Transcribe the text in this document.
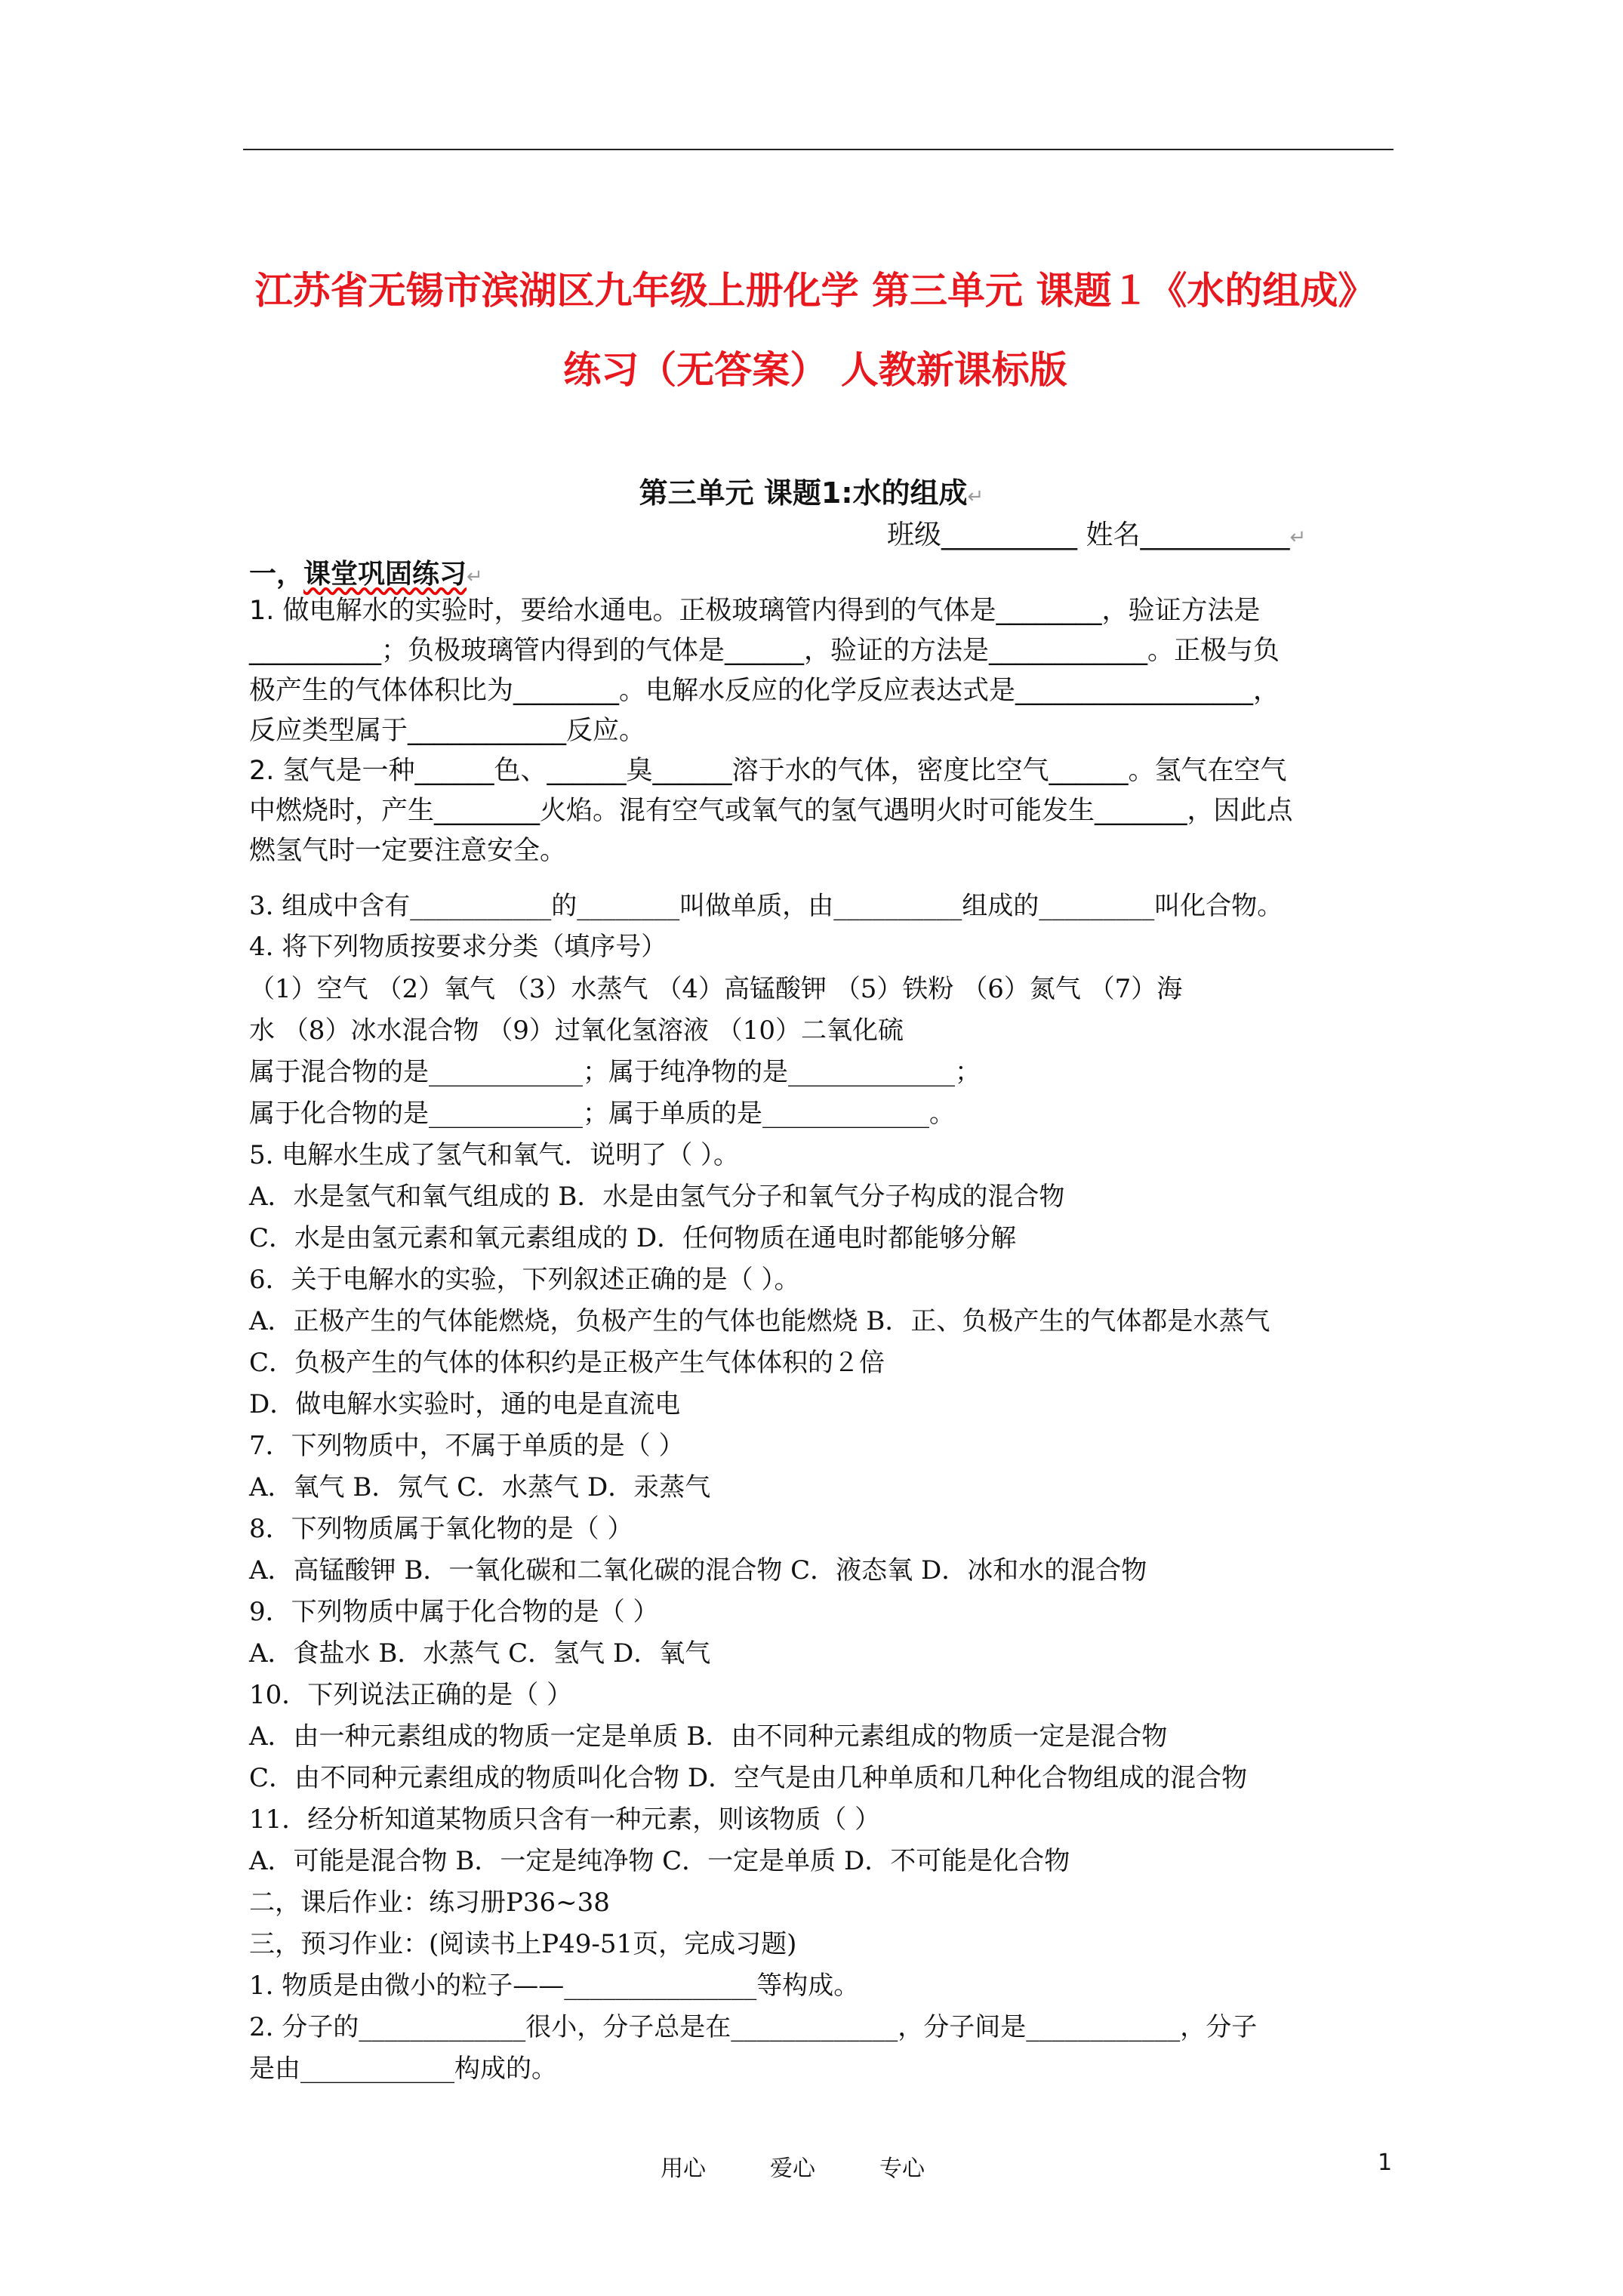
江苏省无锡市滨湖区九年级上册化学 第三单元 课题１《水的组成》
练习（无答案） 人教新课标版
第三单元 课题1:水的组成↵
班级__________ 姓名___________↵
一，课堂巩固练习↵
1. 做电解水的实验时，要给水通电。正极玻璃管内得到的气体是________，验证方法是
__________；负极玻璃管内得到的气体是______，验证的方法是____________。正极与负
极产生的气体体积比为________。电解水反应的化学反应表达式是__________________，
反应类型属于____________反应。
2. 氢气是一种______色、______臭______溶于水的气体，密度比空气______。氢气在空气
中燃烧时，产生________火焰。混有空气或氧气的氢气遇明火时可能发生_______，因此点
燃氢气时一定要注意安全。
3. 组成中含有___________的________叫做单质，由__________组成的_________叫化合物。
4. 将下列物质按要求分类（填序号）
（1）空气 （2）氧气 （3）水蒸气 （4）高锰酸钾 （5）铁粉 （6）氮气 （7）海
水 （8）冰水混合物 （9）过氧化氢溶液 （10）二氧化硫
属于混合物的是____________；属于纯净物的是_____________；
属于化合物的是____________；属于单质的是_____________。
5. 电解水生成了氢气和氧气．说明了（ ）。
A．水是氢气和氧气组成的 B．水是由氢气分子和氧气分子构成的混合物
C．水是由氢元素和氧元素组成的 D．任何物质在通电时都能够分解
6．关于电解水的实验，下列叙述正确的是（ ）。
A．正极产生的气体能燃烧，负极产生的气体也能燃烧 B．正、负极产生的气体都是水蒸气
C．负极产生的气体的体积约是正极产生气体体积的２倍
D．做电解水实验时，通的电是直流电
7．下列物质中，不属于单质的是（ ）
A．氧气 B．氖气 C．水蒸气 D．汞蒸气
8．下列物质属于氧化物的是（ ）
A．高锰酸钾 B．一氧化碳和二氧化碳的混合物 C．液态氧 D．冰和水的混合物
9．下列物质中属于化合物的是（ ）
A．食盐水 B．水蒸气 C．氢气 D．氧气
10．下列说法正确的是（ ）
A．由一种元素组成的物质一定是单质 B．由不同种元素组成的物质一定是混合物
C．由不同种元素组成的物质叫化合物 D．空气是由几种单质和几种化合物组成的混合物
11．经分析知道某物质只含有一种元素，则该物质（ ）
A．可能是混合物 B．一定是纯净物 C．一定是单质 D．不可能是化合物
二，课后作业：练习册P36~38
三，预习作业：(阅读书上P49-51页，完成习题)
1. 物质是由微小的粒子——_______________等构成。
2. 分子的_____________很小，分子总是在_____________，分子间是____________，分子
是由____________构成的。
用心	爱心	专心	1
